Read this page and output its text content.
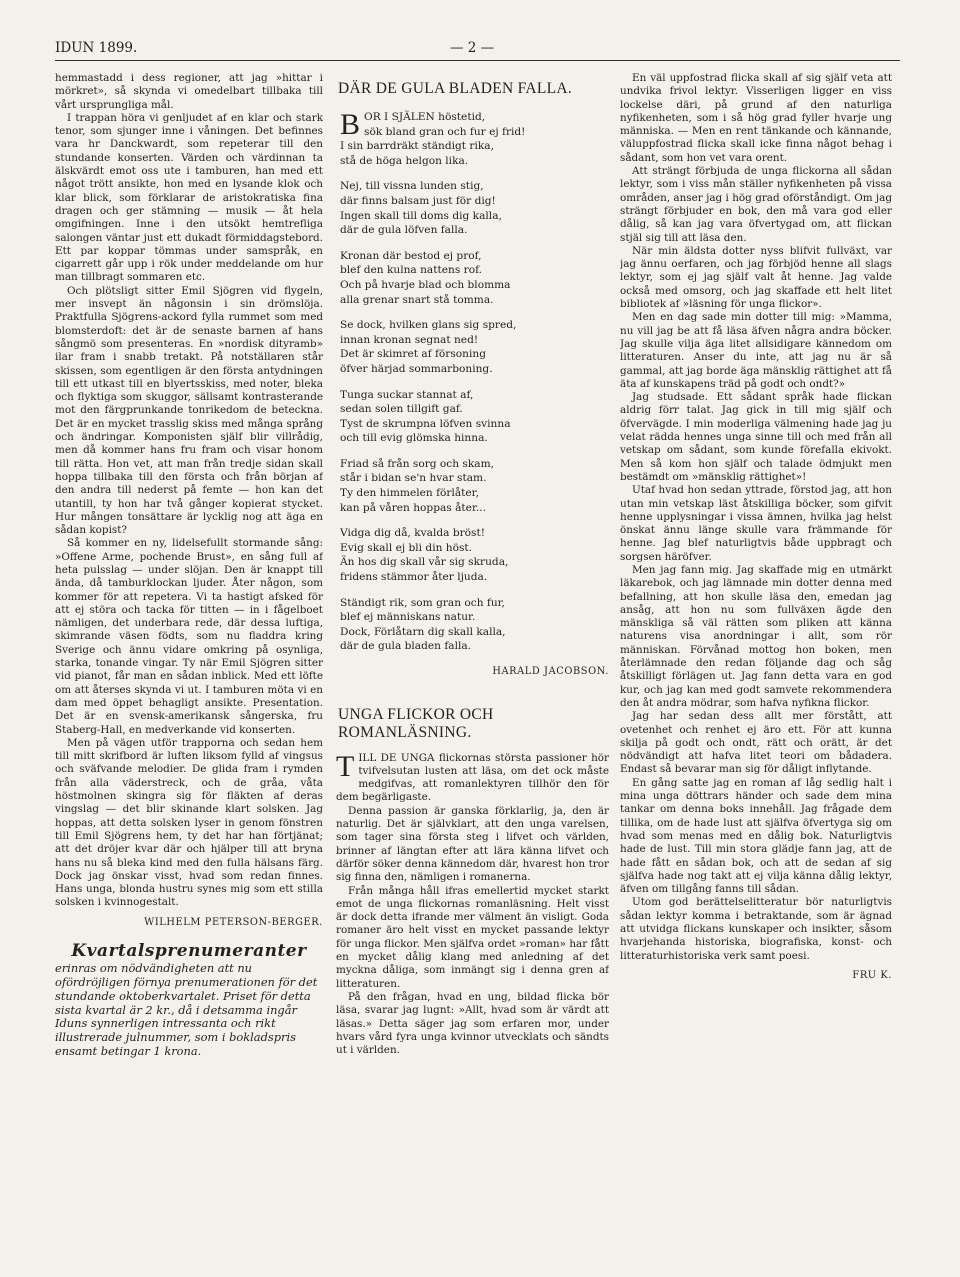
IDUN 1899.	— 2 —

hemmastadd i dess regioner, att jag »hittar i mörkret», så skynda vi omedelbart tillbaka till vårt ursprungliga mål.

I trappan höra vi genljudet af en klar och stark tenor, som sjunger inne i våningen. Det befinnes vara hr Danckwardt, som repeterar till den stundande konserten. Värden och värdinnan ta älskvärdt emot oss ute i tamburen, han med ett något trött ansikte, hon med en lysande klok och klar blick, som förklarar de aristokratiska fina dragen och ger stämning — musik — åt hela omgifningen. Inne i den utsökt hemtrefliga salongen väntar just ett dukadt förmiddagstebord. Ett par koppar tömmas under samspråk, en cigarrett går upp i rök under meddelande om hur man tillbragt sommaren etc.

Och plötsligt sitter Emil Sjögren vid flygeln, mer insvept än någonsin i sin drömslöja. Praktfulla Sjögrens-ackord fylla rummet som med blomsterdoft: det är de senaste barnen af hans sångmö som presenteras. En »nordisk dityramb» ilar fram i snabb tretakt. På notställaren står skissen, som egentligen är den första antydningen till ett utkast till en blyertsskiss, med noter, bleka och flyktiga som skuggor, sällsamt kontrasterande mot den färgprunkande tonrikedom de beteckna. Det är en mycket trasslig skiss med många språng och ändringar. Komponisten själf blir villrådig, men då kommer hans fru fram och visar honom till rätta. Hon vet, att man från tredje sidan skall hoppa tillbaka till den första och från början af den andra till nederst på femte — hon kan det utantill, ty hon har två gånger kopierat stycket. Hur mången tonsättare är lycklig nog att äga en sådan kopist?

Så kommer en ny, lidelsefullt stormande sång: »Offene Arme, pochende Brust», en sång full af heta pulsslag — under slöjan. Den är knappt till ända, då tamburklockan ljuder. Åter någon, som kommer för att repetera. Vi ta hastigt afsked för att ej störa och tacka för titten — in i fågelboet nämligen, det underbara rede, där dessa luftiga, skimrande väsen födts, som nu fladdra kring Sverige och ännu vidare omkring på osynliga, starka, tonande vingar. Ty när Emil Sjögren sitter vid pianot, får man en sådan inblick. Med ett löfte om att återses skynda vi ut. I tamburen möta vi en dam med öppet behagligt ansikte. Presentation. Det är en svensk-amerikansk sångerska, fru Staberg-Hall, en medverkande vid konserten.

Men på vägen utför trapporna och sedan hem till mitt skrifbord är luften liksom fylld af vingsus och sväfvande melodier. De glida fram i rymden från alla väderstreck, och de gråa, våta höstmolnen skingra sig för fläkten af deras vingslag — det blir skinande klart solsken. Jag hoppas, att detta solsken lyser in genom fönstren till Emil Sjögrens hem, ty det har han förtjänat; att det dröjer kvar där och hjälper till att bryna hans nu så bleka kind med den fulla hälsans färg. Dock jag önskar visst, hvad som redan finnes. Hans unga, blonda hustru synes mig som ett stilla solsken i kvinnogestalt.

WILHELM PETERSON-BERGER.
Kvartalsprenumeranter
erinras om nödvändigheten att nu ofördröjligen förnya prenumerationen för det stundande oktoberkvartalet. Priset för detta sista kvartal är 2 kr., då i detsamma ingår Iduns synnerligen intressanta och rikt illustrerade julnummer, som i bokladspris ensamt betingar 1 krona.
DÄR DE GULA BLADEN FALLA.
B OR I SJÄLEN höstetid,
sök bland gran och fur ej frid!
I sin barrdräkt ständigt rika,
stå de höga helgon lika.
Nej, till vissna lunden stig,
där finns balsam just för dig!
Ingen skall till doms dig kalla,
där de gula löfven falla.
Kronan där bestod ej prof,
blef den kulna nattens rof.
Och på hvarje blad och blomma
alla grenar snart stå tomma.
Se dock, hvilken glans sig spred,
innan kronan segnat ned!
Det är skimret af försoning
öfver härjad sommarboning.
Tunga suckar stannat af,
sedan solen tillgift gaf.
Tyst de skrumpna löfven svinna
och till evig glömska hinna.
Friad så från sorg och skam,
står i bidan se'n hvar stam.
Ty den himmelen förlåter,
kan på våren hoppas åter...
Vidga dig då, kvalda bröst!
Evig skall ej bli din höst.
Än hos dig skall vår sig skruda,
fridens stämmor åter ljuda.
Ständigt rik, som gran och fur,
blef ej människans natur.
Dock, Förlåtarn dig skall kalla,
där de gula bladen falla.
HARALD JACOBSON.
UNGA FLICKOR OCH ROMANLÄSNING.

TILL DE UNGA flickornas största passioner hör tvifvelsutan lusten att läsa, om det ock måste medgifvas, att romanlektyren tillhör den för dem begärligaste.

Denna passion är ganska förklarlig, ja, den är naturlig. Det är självklart, att den unga varelsen, som tager sina första steg i lifvet och världen, brinner af längtan efter att lära känna lifvet och därför söker denna kännedom där, hvarest hon tror sig finna den, nämligen i romanerna.

Från många håll ifras emellertid mycket starkt emot de unga flickornas romanläsning. Helt visst är dock detta ifrande mer välment än visligt. Goda romaner äro helt visst en mycket passande lektyr för unga flickor. Men själfva ordet »roman» har fått en mycket dålig klang med anledning af det myckna dåliga, som inmängt sig i denna gren af litteraturen.

På den frågan, hvad en ung, bildad flicka bör läsa, svarar jag lugnt: »Allt, hvad som är värdt att läsas.» Detta säger jag som erfaren mor, under hvars vård fyra unga kvinnor utvecklats och sändts ut i världen.

En väl uppfostrad flicka skall af sig själf veta att undvika frivol lektyr. Visserligen ligger en viss lockelse däri, på grund af den naturliga nyfikenheten, som i så hög grad fyller hvarje ung människa. — Men en rent tänkande och kännande, väluppfostrad flicka skall icke finna något behag i sådant, som hon vet vara orent.

Att strängt förbjuda de unga flickorna all sådan lektyr, som i viss mån ställer nyfikenheten på vissa områden, anser jag i hög grad oförståndigt. Om jag strängt förbjuder en bok, den må vara god eller dålig, så kan jag vara öfvertygad om, att flickan stjäl sig till att läsa den.

När min äldsta dotter nyss blifvit fullväxt, var jag ännu oerfaren, och jag förbjöd henne all slags lektyr, som ej jag själf valt åt henne. Jag valde också med omsorg, och jag skaffade ett helt litet bibliotek af »läsning för unga flickor».

Men en dag sade min dotter till mig: »Mamma, nu vill jag be att få läsa äfven några andra böcker. Jag skulle vilja äga litet allsidigare kännedom om litteraturen. Anser du inte, att jag nu är så gammal, att jag borde äga mänsklig rättighet att få äta af kunskapens träd på godt och ondt?»

Jag studsade. Ett sådant språk hade flickan aldrig förr talat. Jag gick in till mig själf och öfvervägde. I min moderliga välmening hade jag ju velat rädda hennes unga sinne till och med från all vetskap om sådant, som kunde förefalla ekivokt. Men så kom hon själf och talade ödmjukt men bestämdt om »mänsklig rättighet»!

Utaf hvad hon sedan yttrade, förstod jag, att hon utan min vetskap läst åtskilliga böcker, som gifvit henne upplysningar i vissa ämnen, hvilka jag helst önskat ännu länge skulle vara främmande för henne. Jag blef naturligtvis både uppbragt och sorgsen häröfver.

Men jag fann mig. Jag skaffade mig en utmärkt läkarebok, och jag lämnade min dotter denna med befallning, att hon skulle läsa den, emedan jag ansåg, att hon nu som fullväxen ägde den mänskliga så väl rätten som pliken att känna naturens visa anordningar i allt, som rör människan. Förvånad mottog hon boken, men återlämnade den redan följande dag och såg åtskilligt förlägen ut. Jag fann detta vara en god kur, och jag kan med godt samvete rekommendera den åt andra mödrar, som hafva nyfikna flickor.

Jag har sedan dess allt mer förstått, att ovetenhet och renhet ej äro ett. För att kunna skilja på godt och ondt, rätt och orätt, är det nödvändigt att hafva litet teori om bådadera. Endast så bevarar man sig för dåligt inflytande.

En gång satte jag en roman af låg sedlig halt i mina unga döttrars händer och sade dem mina tankar om denna boks innehåll. Jag frågade dem tillika, om de hade lust att själfva öfvertyga sig om hvad som menas med en dålig bok. Naturligtvis hade de lust. Till min stora glädje fann jag, att de hade fått en sådan bok, och att de sedan af sig själfva hade nog takt att ej vilja känna dålig lektyr, äfven om tillgång fanns till sådan.

Utom god berättelselitteratur bör naturligtvis sådan lektyr komma i betraktande, som är ägnad att utvidga flickans kunskaper och insikter, såsom hvarjehanda historiska, biografiska, konst- och litteraturhistoriska verk samt poesi.

FRU K.
